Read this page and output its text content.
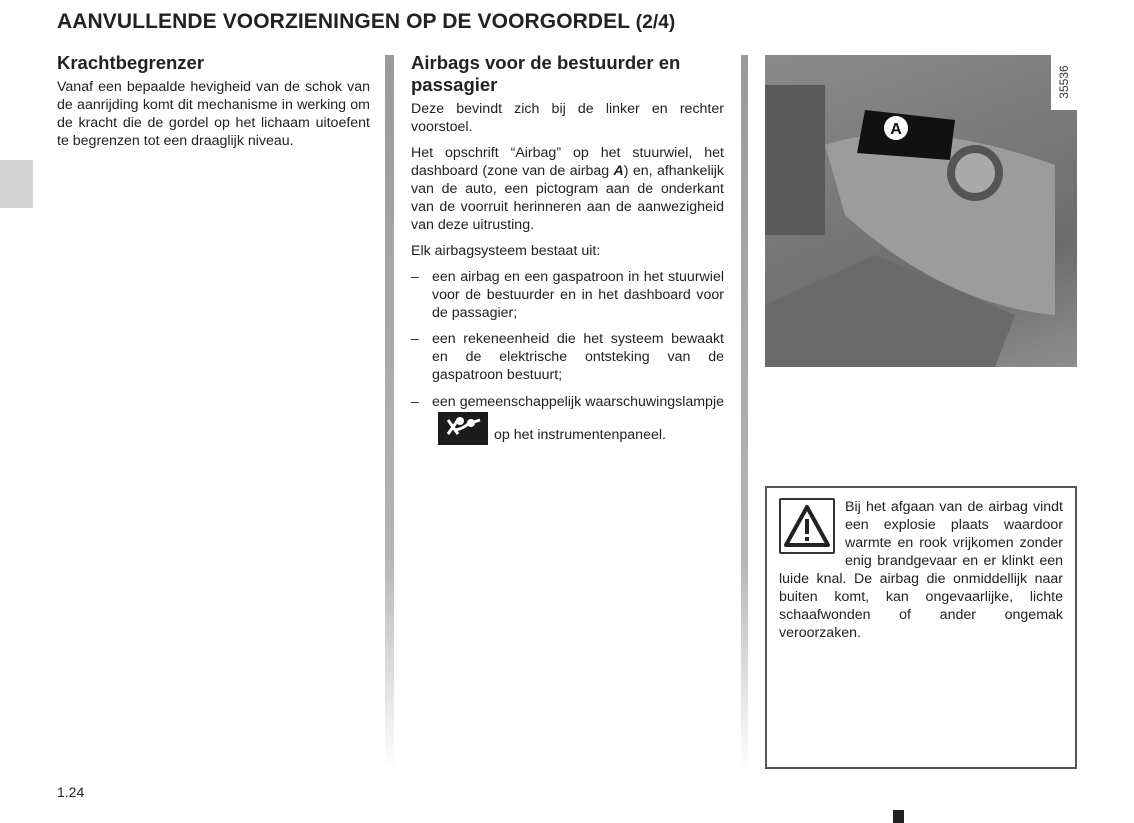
AANVULLENDE VOORZIENINGEN OP DE VOORGORDEL (2/4)
Krachtbegrenzer

Vanaf een bepaalde hevigheid van de schok van de aanrijding komt dit mechanisme in werking om de kracht die de gordel op het lichaam uitoefent te begrenzen tot een draaglijk niveau.

Airbags voor de bestuurder en passagier

Deze bevindt zich bij de linker en rechter voorstoel.

Het opschrift “Airbag” op het stuurwiel, het dashboard (zone van de airbag A) en, afhankelijk van de auto, een pictogram aan de onderkant van de voorruit herinneren aan de aanwezigheid van deze uitrusting.

Elk airbagsysteem bestaat uit:

– een airbag en een gaspatroon in het stuurwiel voor de bestuurder en in het dashboard voor de passagier;
– een rekeneenheid die het systeem bewaakt en de elektrische ontsteking van de gaspatroon bestuurt;
– een gemeenschappelijk waarschuwingslampjeop het instrumentenpaneel.
A
35536
Bij het afgaan van de airbag vindt een explosie plaats waardoor warmte en rook vrijkomen zonder enig brandgevaar en er klinkt een luide knal. De airbag die onmiddellijk naar buiten komt, kan ongevaarlijke, lichte schaafwonden of ander ongemak veroorzaken.
1.24
